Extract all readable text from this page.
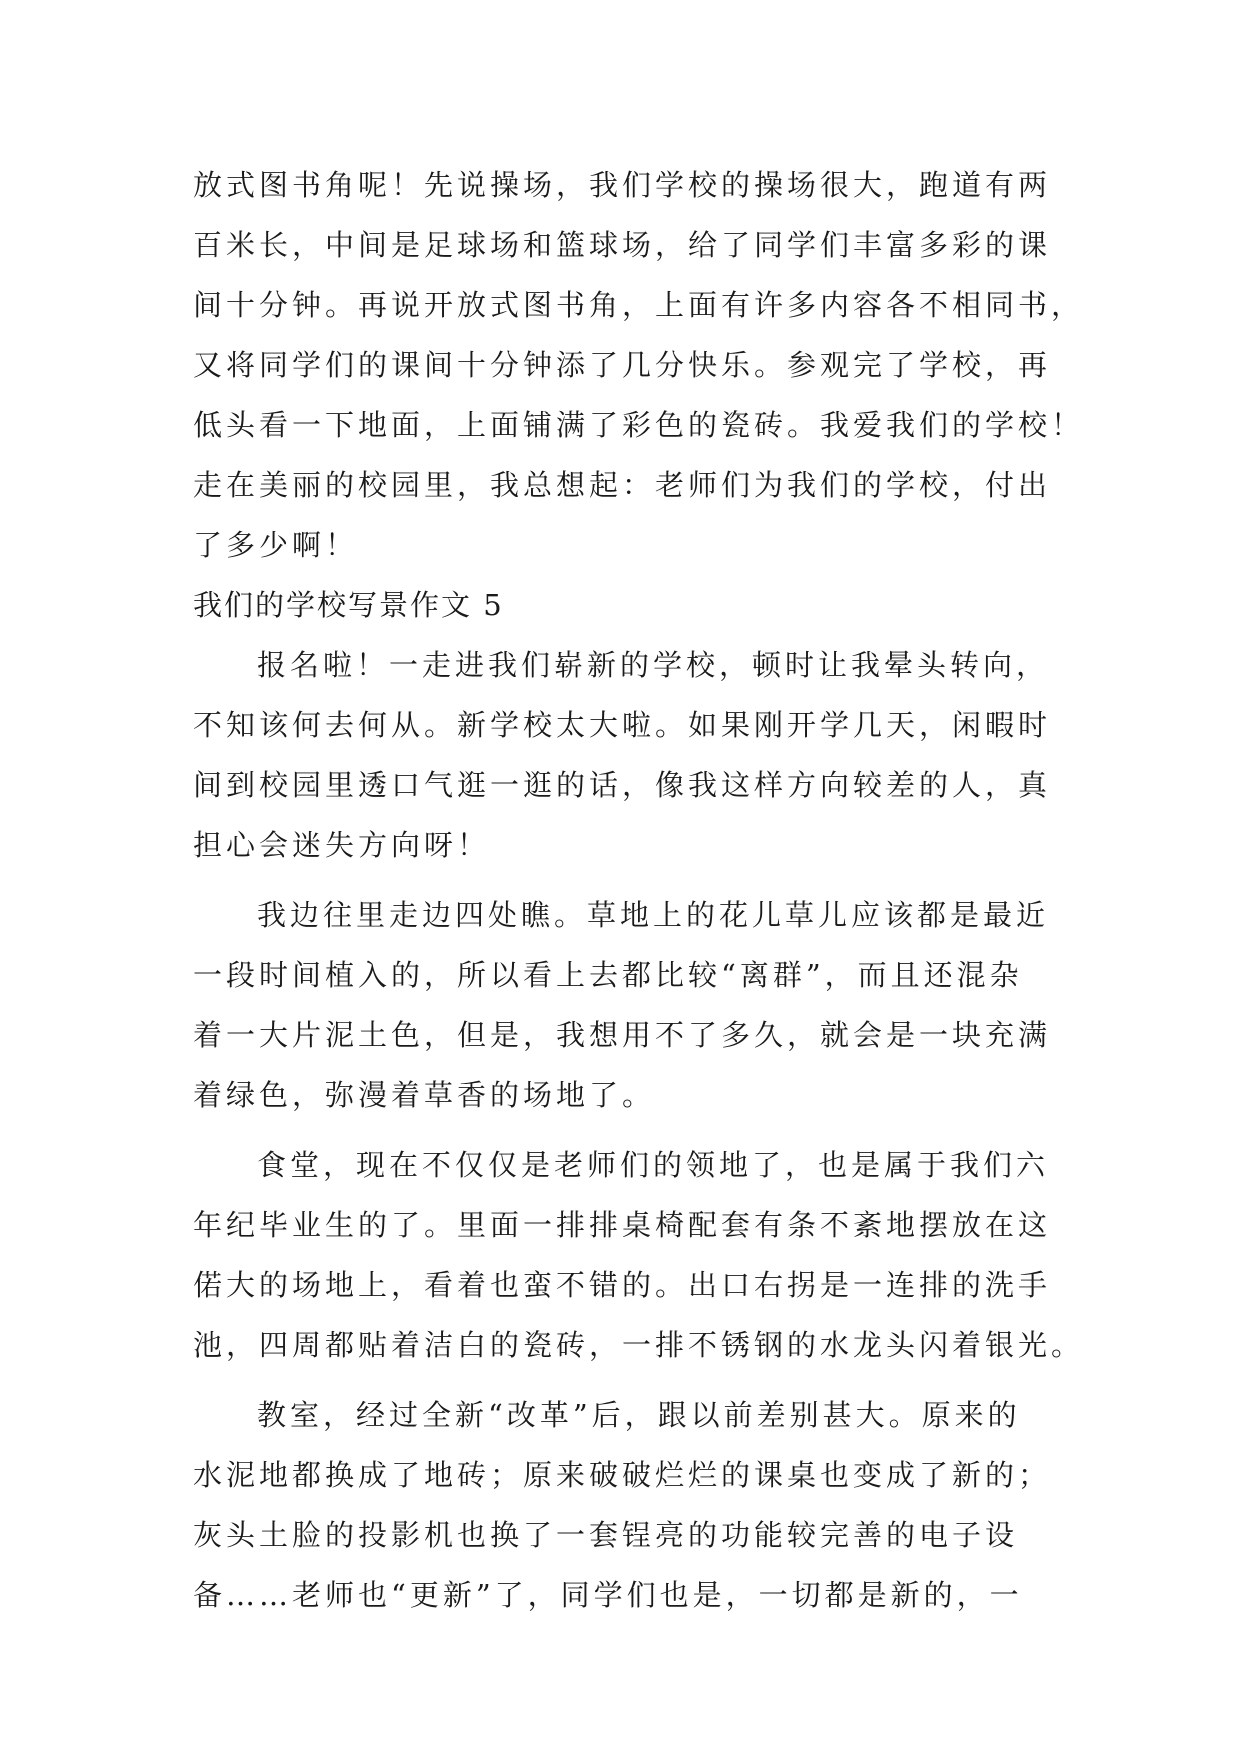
放式图书角呢！先说操场，我们学校的操场很大，跑道有两
百米长，中间是足球场和篮球场，给了同学们丰富多彩的课
间十分钟。再说开放式图书角，上面有许多内容各不相同书，
又将同学们的课间十分钟添了几分快乐。参观完了学校，再
低头看一下地面，上面铺满了彩色的瓷砖。我爱我们的学校！
走在美丽的校园里，我总想起：老师们为我们的学校，付出
了多少啊！
我们的学校写景作文 5
报名啦！一走进我们崭新的学校，顿时让我晕头转向，
不知该何去何从。新学校太大啦。如果刚开学几天，闲暇时
间到校园里透口气逛一逛的话，像我这样方向较差的人，真
担心会迷失方向呀！
我边往里走边四处瞧。草地上的花儿草儿应该都是最近
一段时间植入的，所以看上去都比较“离群”，而且还混杂
着一大片泥土色，但是，我想用不了多久，就会是一块充满
着绿色，弥漫着草香的场地了。
食堂，现在不仅仅是老师们的领地了，也是属于我们六
年纪毕业生的了。里面一排排桌椅配套有条不紊地摆放在这
偌大的场地上，看着也蛮不错的。出口右拐是一连排的洗手
池，四周都贴着洁白的瓷砖，一排不锈钢的水龙头闪着银光。
教室，经过全新“改革”后，跟以前差别甚大。原来的
水泥地都换成了地砖；原来破破烂烂的课桌也变成了新的；
灰头土脸的投影机也换了一套锃亮的功能较完善的电子设
备……老师也“更新”了，同学们也是，一切都是新的，一
